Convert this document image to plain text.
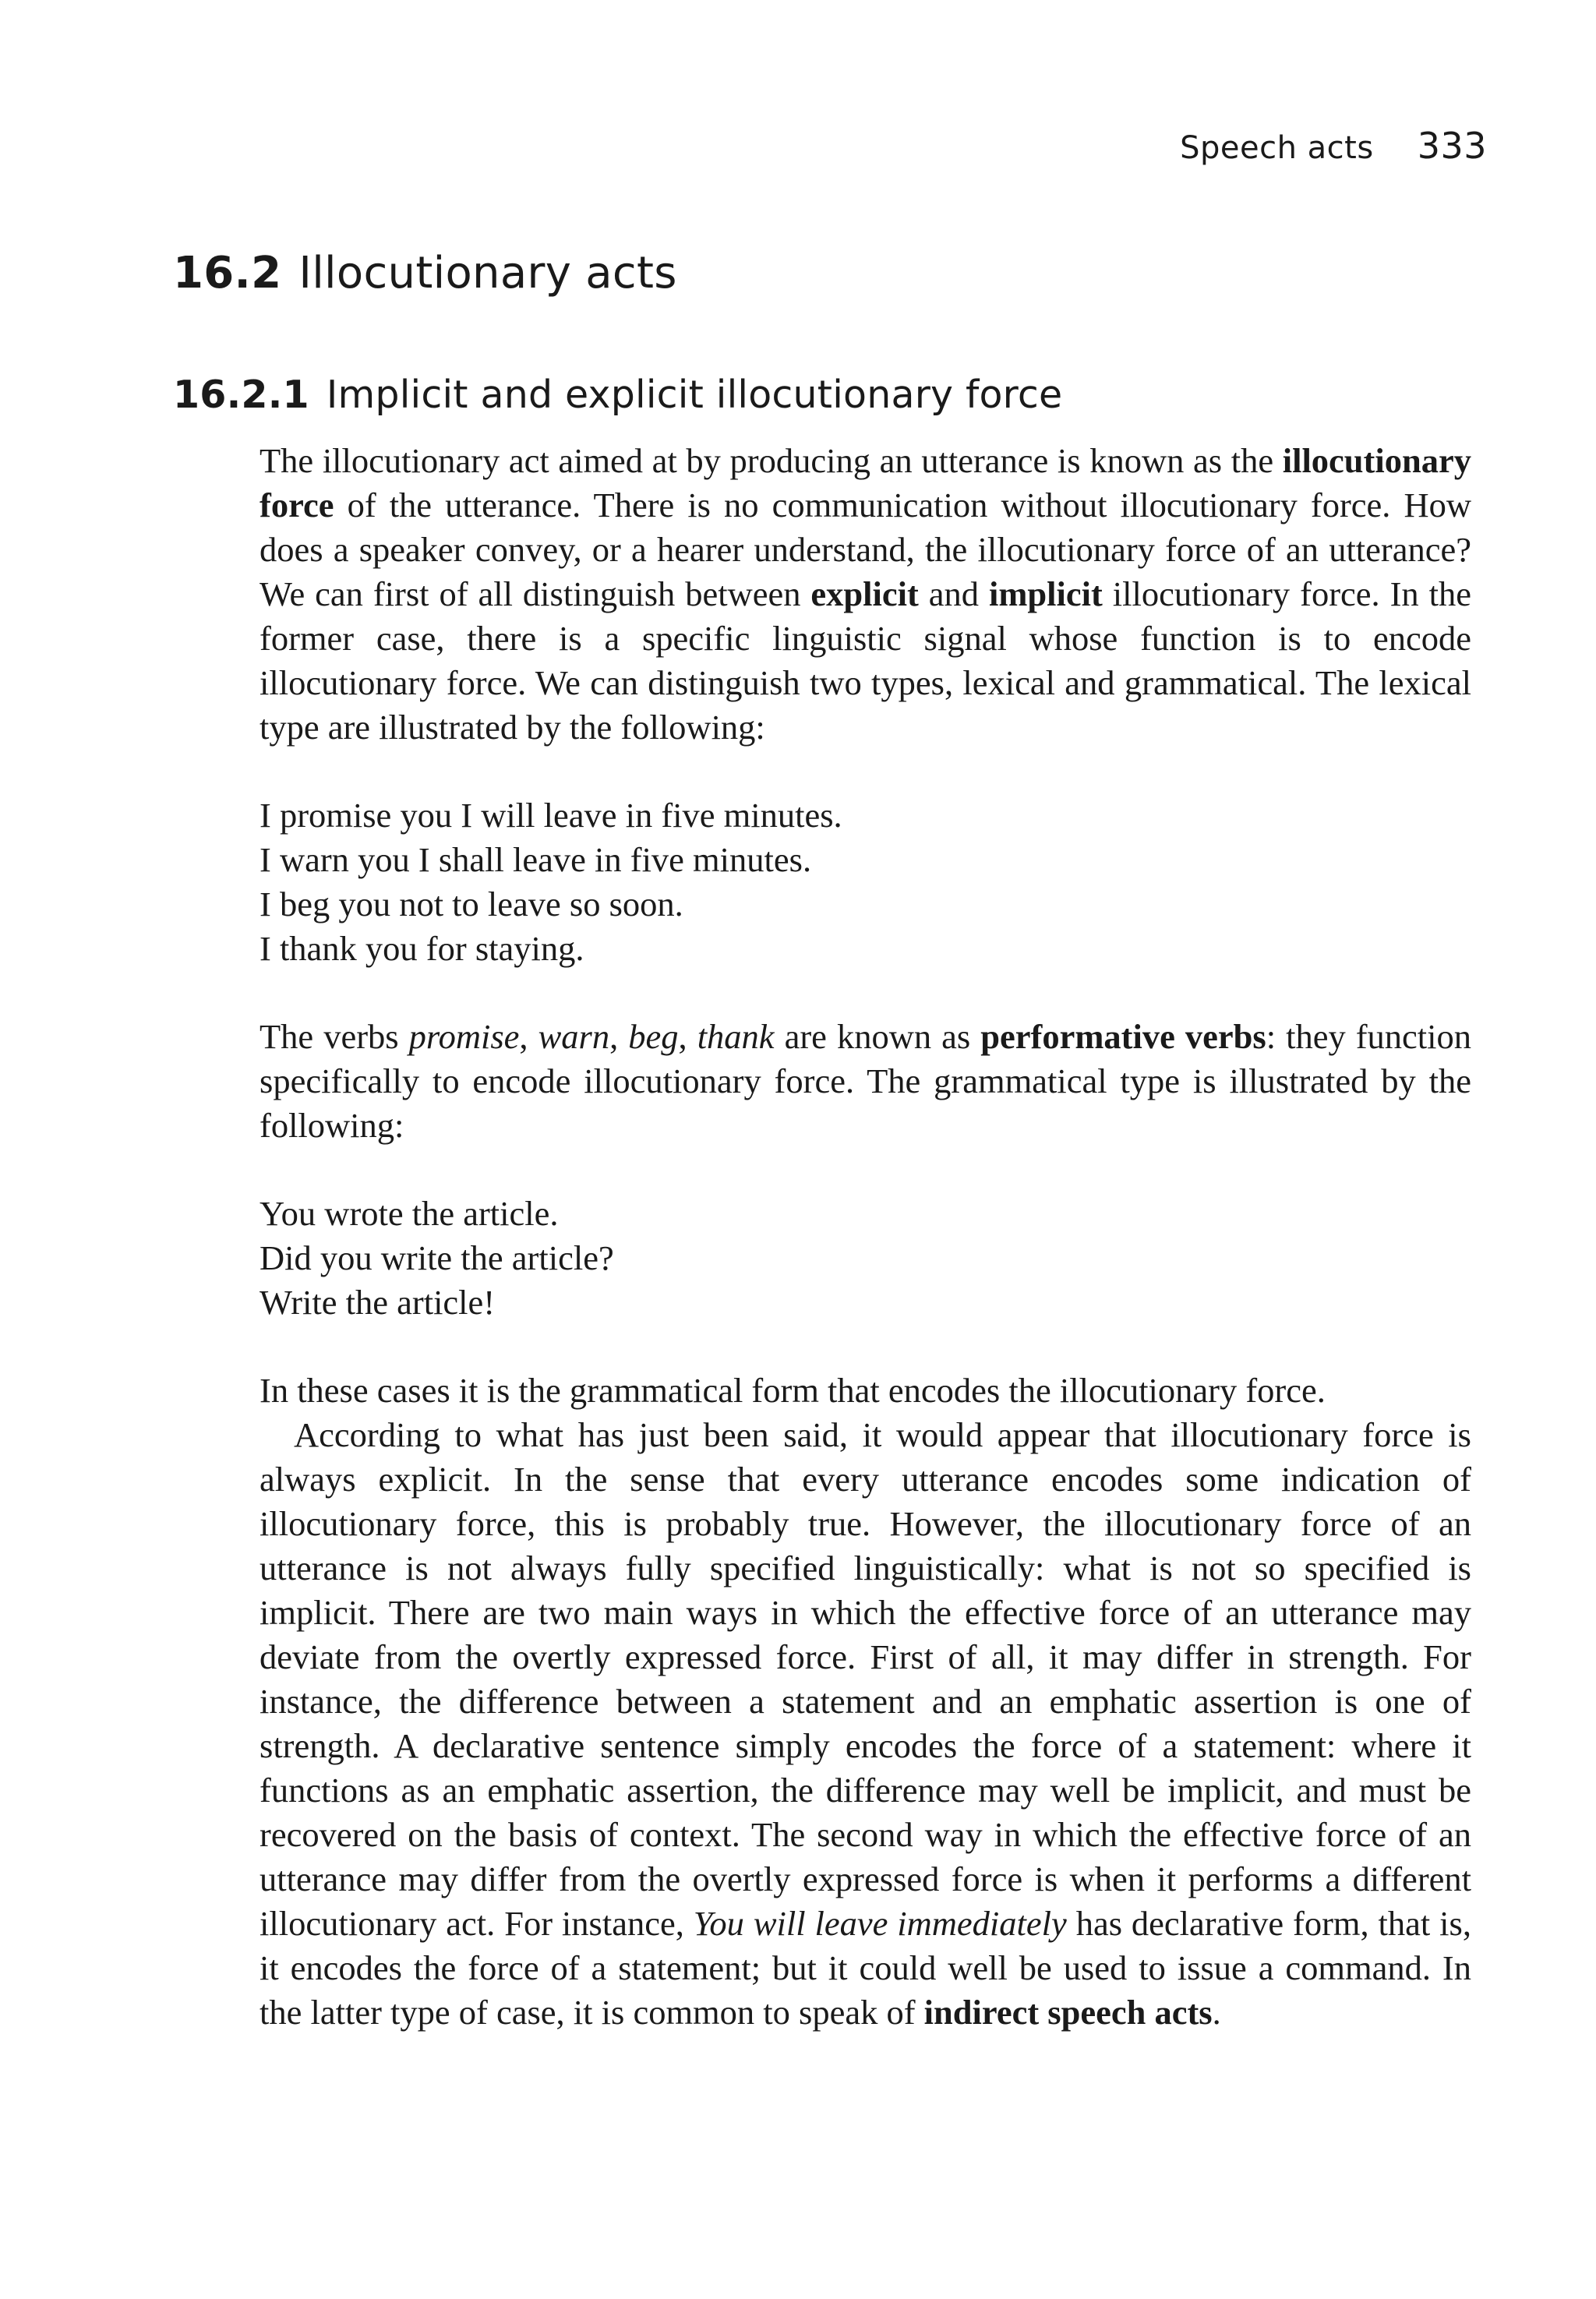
Speech acts 333
16.2 Illocutionary acts
16.2.1 Implicit and explicit illocutionary force

The illocutionary act aimed at by producing an utterance is known as the illocutionary force of the utterance. There is no communication without illocutionary force. How does a speaker convey, or a hearer understand, the illocutionary force of an utterance? We can first of all distinguish between explicit and implicit illocutionary force. In the former case, there is a specific linguistic signal whose function is to encode illocutionary force. We can distinguish two types, lexical and grammatical. The lexical type are illustrated by the following:

I promise you I will leave in five minutes.
I warn you I shall leave in five minutes.
I beg you not to leave so soon.
I thank you for staying.

The verbs promise, warn, beg, thank are known as performative verbs: they function specifically to encode illocutionary force. The grammatical type is illustrated by the following:

You wrote the article.
Did you write the article?
Write the article!

In these cases it is the grammatical form that encodes the illocutionary force.

According to what has just been said, it would appear that illocutionary force is always explicit. In the sense that every utterance encodes some indication of illocutionary force, this is probably true. However, the illocutionary force of an utterance is not always fully specified linguistically: what is not so specified is implicit. There are two main ways in which the effective force of an utterance may deviate from the overtly expressed force. First of all, it may differ in strength. For instance, the difference between a statement and an emphatic assertion is one of strength. A declarative sentence simply encodes the force of a statement: where it functions as an emphatic assertion, the difference may well be implicit, and must be recovered on the basis of context. The second way in which the effective force of an utterance may differ from the overtly expressed force is when it performs a different illocutionary act. For instance, You will leave immediately has declarative form, that is, it encodes the force of a statement; but it could well be used to issue a command. In the latter type of case, it is common to speak of indirect speech acts.
